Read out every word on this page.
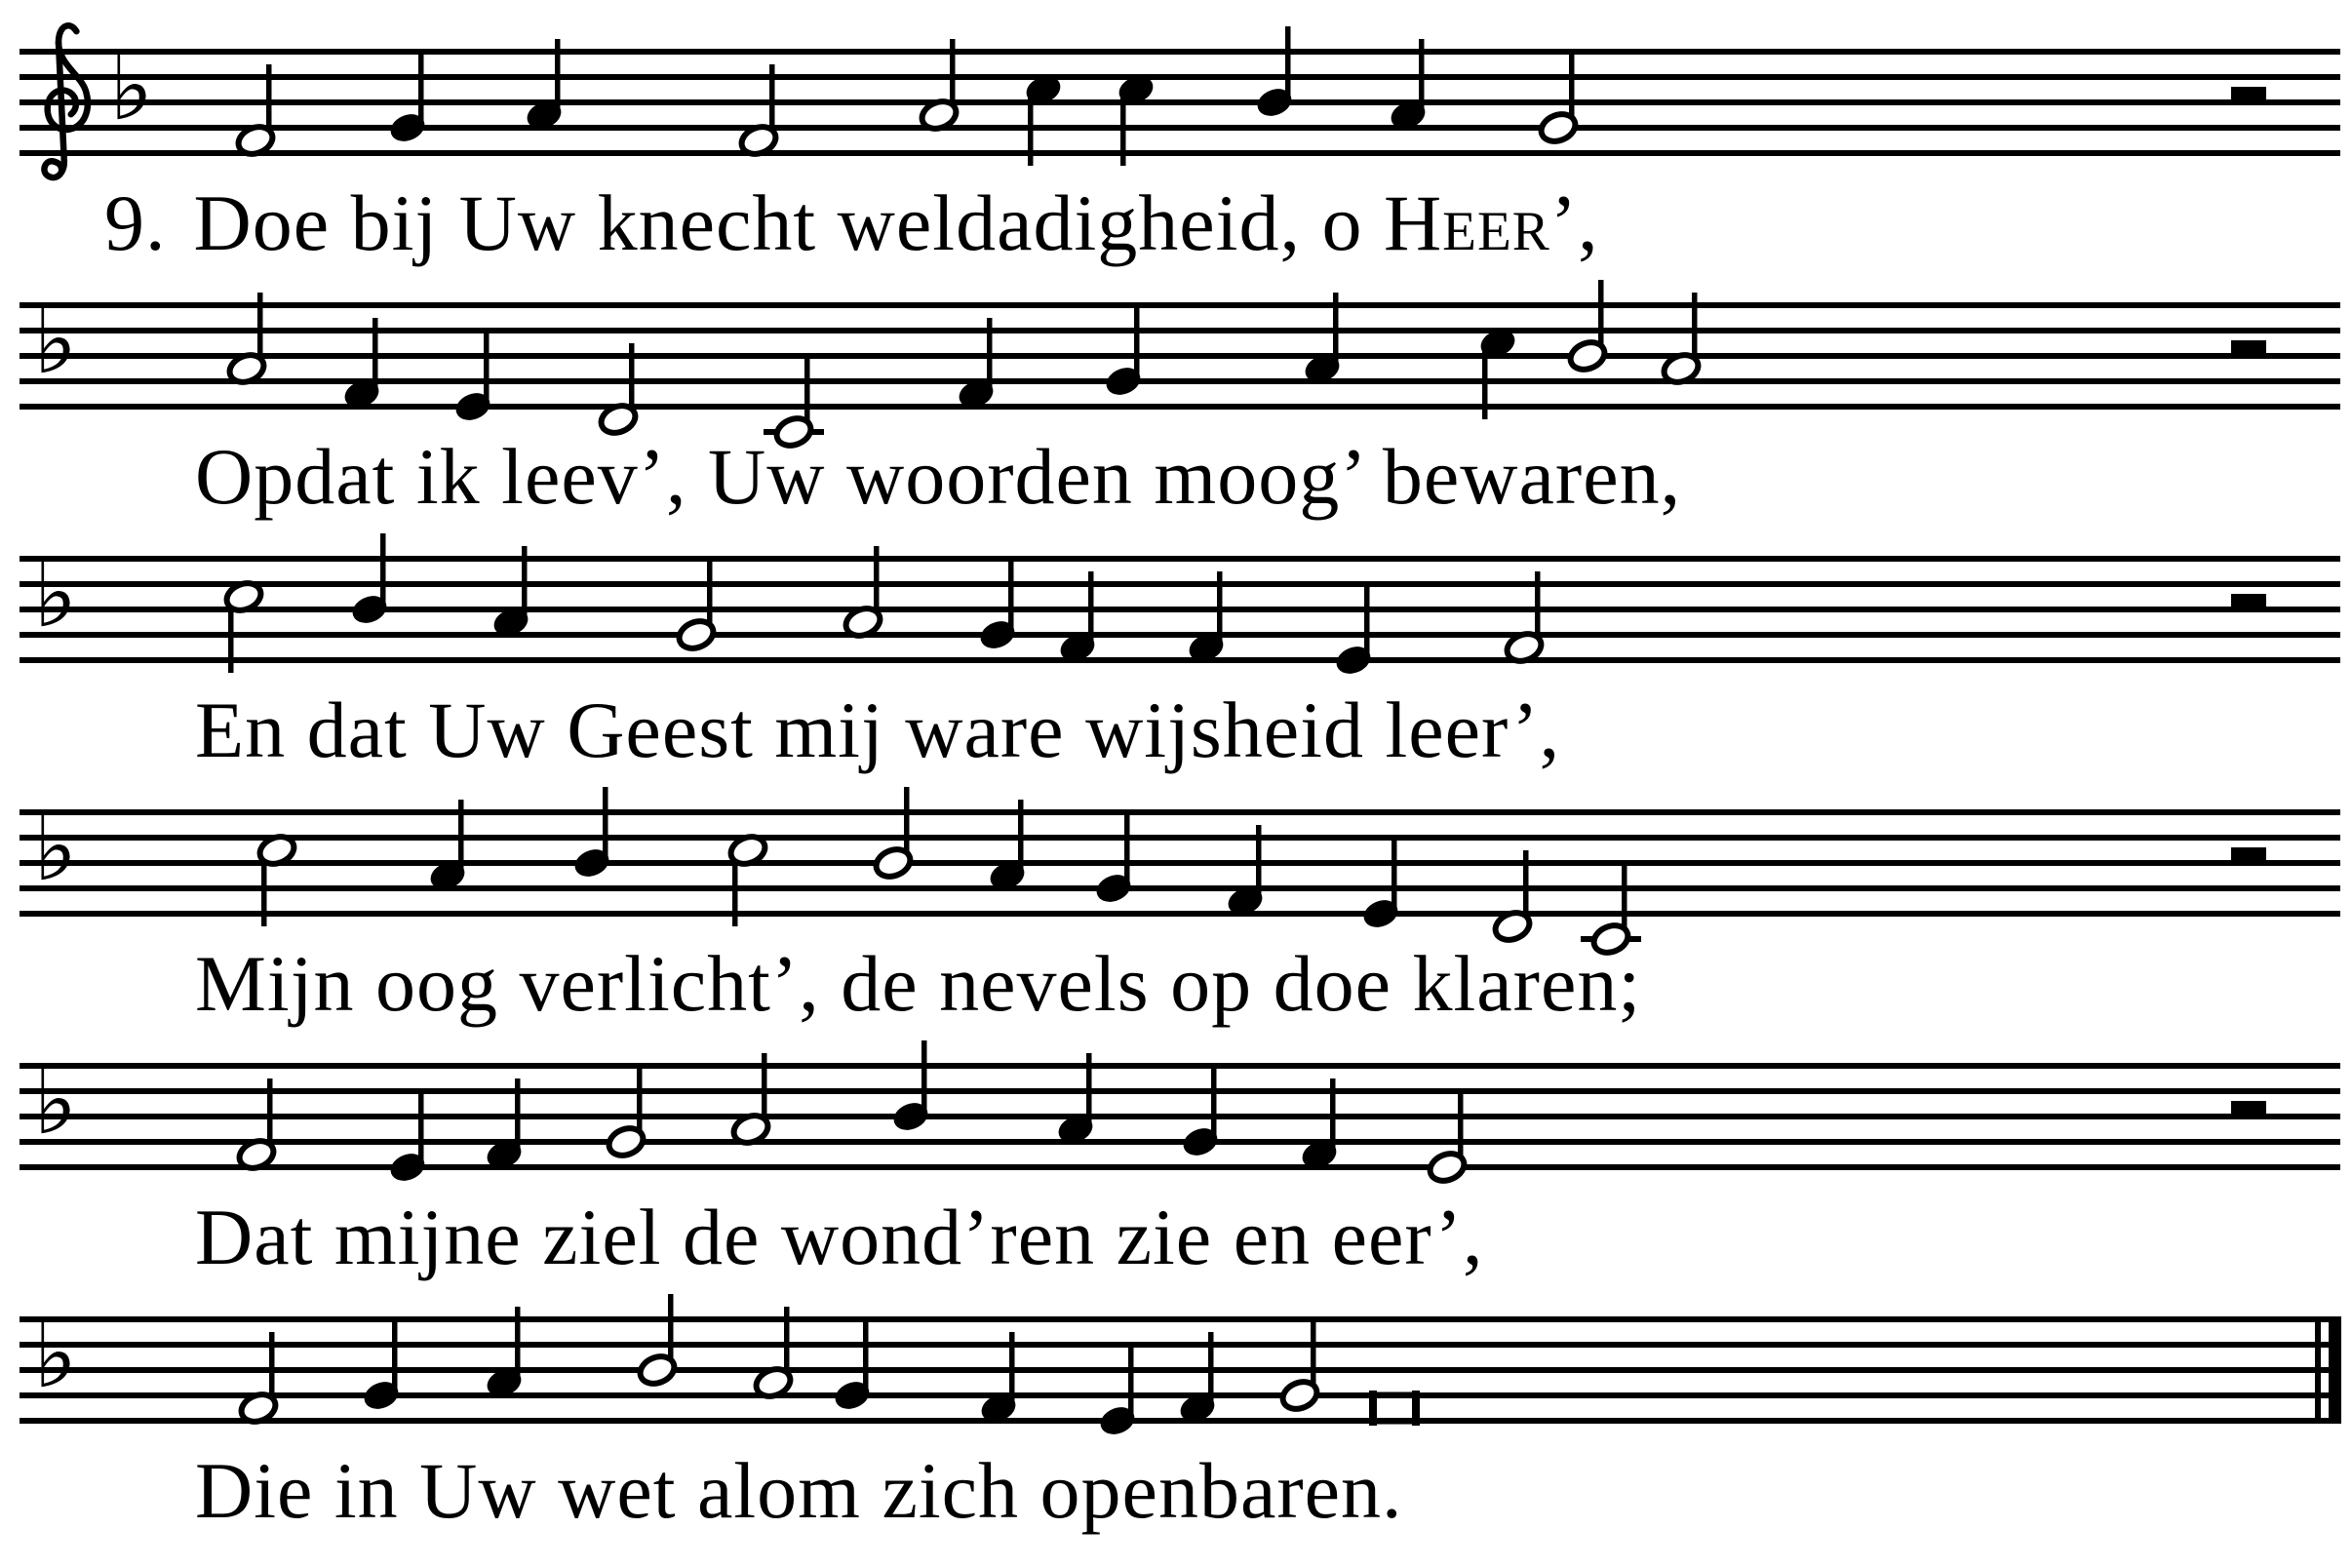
♭
♭
♭
♭
♭
♭
9. Doe bij Uw knecht weldadigheid, o Heer’,
Opdat ik leev’, Uw woorden moog’ bewaren,
En dat Uw Geest mij ware wijsheid leer’,
Mijn oog verlicht’, de nevels op doe klaren;
Dat mijne ziel de wond’ren zie en eer’,
Die in Uw wet alom zich openbaren.
